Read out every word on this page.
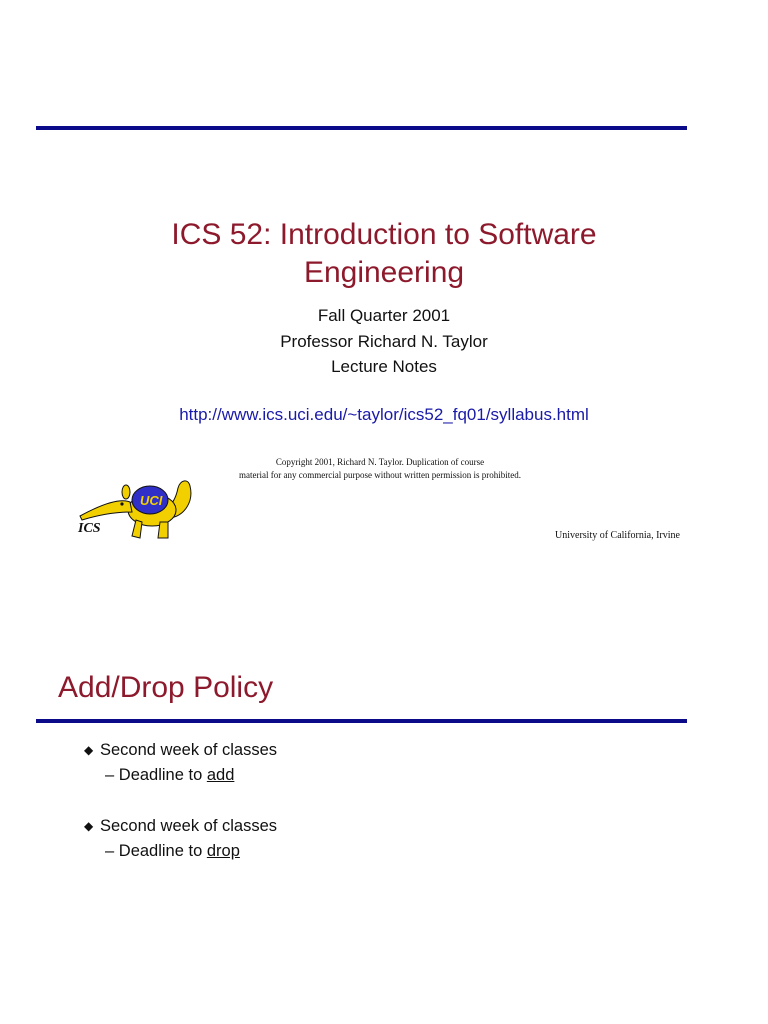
ICS 52: Introduction to Software
Engineering
Fall Quarter 2001
Professor Richard N. Taylor
Lecture Notes
http://www.ics.uci.edu/~taylor/ics52_fq01/syllabus.html
Copyright 2001, Richard N. Taylor. Duplication of course
material for any commercial purpose without written permission is prohibited.
UCI
ICS	University of California, Irvine
Add/Drop Policy
◆ Second week of classes
– Deadline to add
◆ Second week of classes
– Deadline to drop
